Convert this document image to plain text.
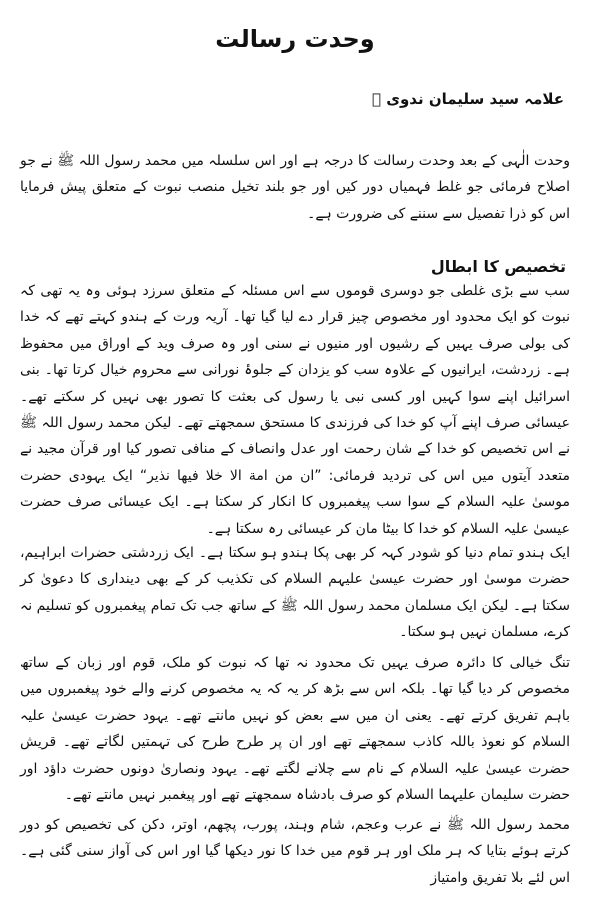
وحدت رسالت
علامہ سید سلیمان ندوی ﷫

وحدت الٰہی کے بعد وحدت رسالت کا درجہ ہے اور اس سلسلہ میں محمد رسول اللہ ﷺ نے جو اصلاح فرمائی جو غلط فہمیاں دور کیں اور جو بلند تخیل منصب نبوت کے متعلق پیش فرمایا اس کو ذرا تفصیل سے سننے کی ضرورت ہے۔

تخصیص کا ابطال

سب سے بڑی غلطی جو دوسری قوموں سے اس مسئلہ کے متعلق سرزد ہوئی وہ یہ تھی کہ نبوت کو ایک محدود اور مخصوص چیز قرار دے لیا گیا تھا۔ آریہ ورت کے ہندو کہتے تھے کہ خدا کی بولی صرف یہیں کے رشیوں اور منیوں نے سنی اور وہ صرف وید کے اوراق میں محفوظ ہے۔ زردشت، ایرانیوں کے علاوہ سب کو یزدان کے جلوۂ نورانی سے محروم خیال کرتا تھا۔ بنی اسرائیل اپنے سوا کہیں اور کسی نبی یا رسول کی بعثت کا تصور بھی نہیں کر سکتے تھے۔ عیسائی صرف اپنے آپ کو خدا کی فرزندی کا مستحق سمجھتے تھے۔ لیکن محمد رسول اللہ ﷺ نے اس تخصیص کو خدا کے شان رحمت اور عدل وانصاف کے منافی تصور کیا اور قرآن مجید نے متعدد آیتوں میں اس کی تردید فرمائی: ”ان من امة الا خلا فیھا نذیر“ ایک یہودی حضرت موسیٰ علیہ السلام کے سوا سب پیغمبروں کا انکار کر سکتا ہے۔ ایک عیسائی صرف حضرت عیسیٰ علیہ السلام کو خدا کا بیٹا مان کر عیسائی رہ سکتا ہے۔

ایک ہندو تمام دنیا کو شودر کہہ کر بھی پکا ہندو ہو سکتا ہے۔ ایک زردشتی حضرات ابراہیم، حضرت موسیٰ اور حضرت عیسیٰ علیہم السلام کی تکذیب کر کے بھی دینداری کا دعویٰ کر سکتا ہے۔ لیکن ایک مسلمان محمد رسول اللہ ﷺ کے ساتھ جب تک تمام پیغمبروں کو تسلیم نہ کرے، مسلمان نہیں ہو سکتا۔

تنگ خیالی کا دائرہ صرف یہیں تک محدود نہ تھا کہ نبوت کو ملک، قوم اور زبان کے ساتھ مخصوص کر دیا گیا تھا۔ بلکہ اس سے بڑھ کر یہ کہ یہ مخصوص کرنے والے خود پیغمبروں میں باہم تفریق کرتے تھے۔ یعنی ان میں سے بعض کو نہیں مانتے تھے۔ یہود حضرت عیسیٰ علیہ السلام کو نعوذ باللہ کاذب سمجھتے تھے اور ان پر طرح طرح کی تہمتیں لگاتے تھے۔ قریش حضرت عیسیٰ علیہ السلام کے نام سے چلانے لگتے تھے۔ یہود ونصاریٰ دونوں حضرت داؤد اور حضرت سلیمان علیہما السلام کو صرف بادشاہ سمجھتے تھے اور پیغمبر نہیں مانتے تھے۔

محمد رسول اللہ ﷺ نے عرب وعجم، شام وہند، پورب، پچھم، اوتر، دکن کی تخصیص کو دور کرتے ہوئے بتایا کہ ہر ملک اور ہر قوم میں خدا کا نور دیکھا گیا اور اس کی آواز سنی گئی ہے۔ اس لئے بلا تفریق وامتیاز
